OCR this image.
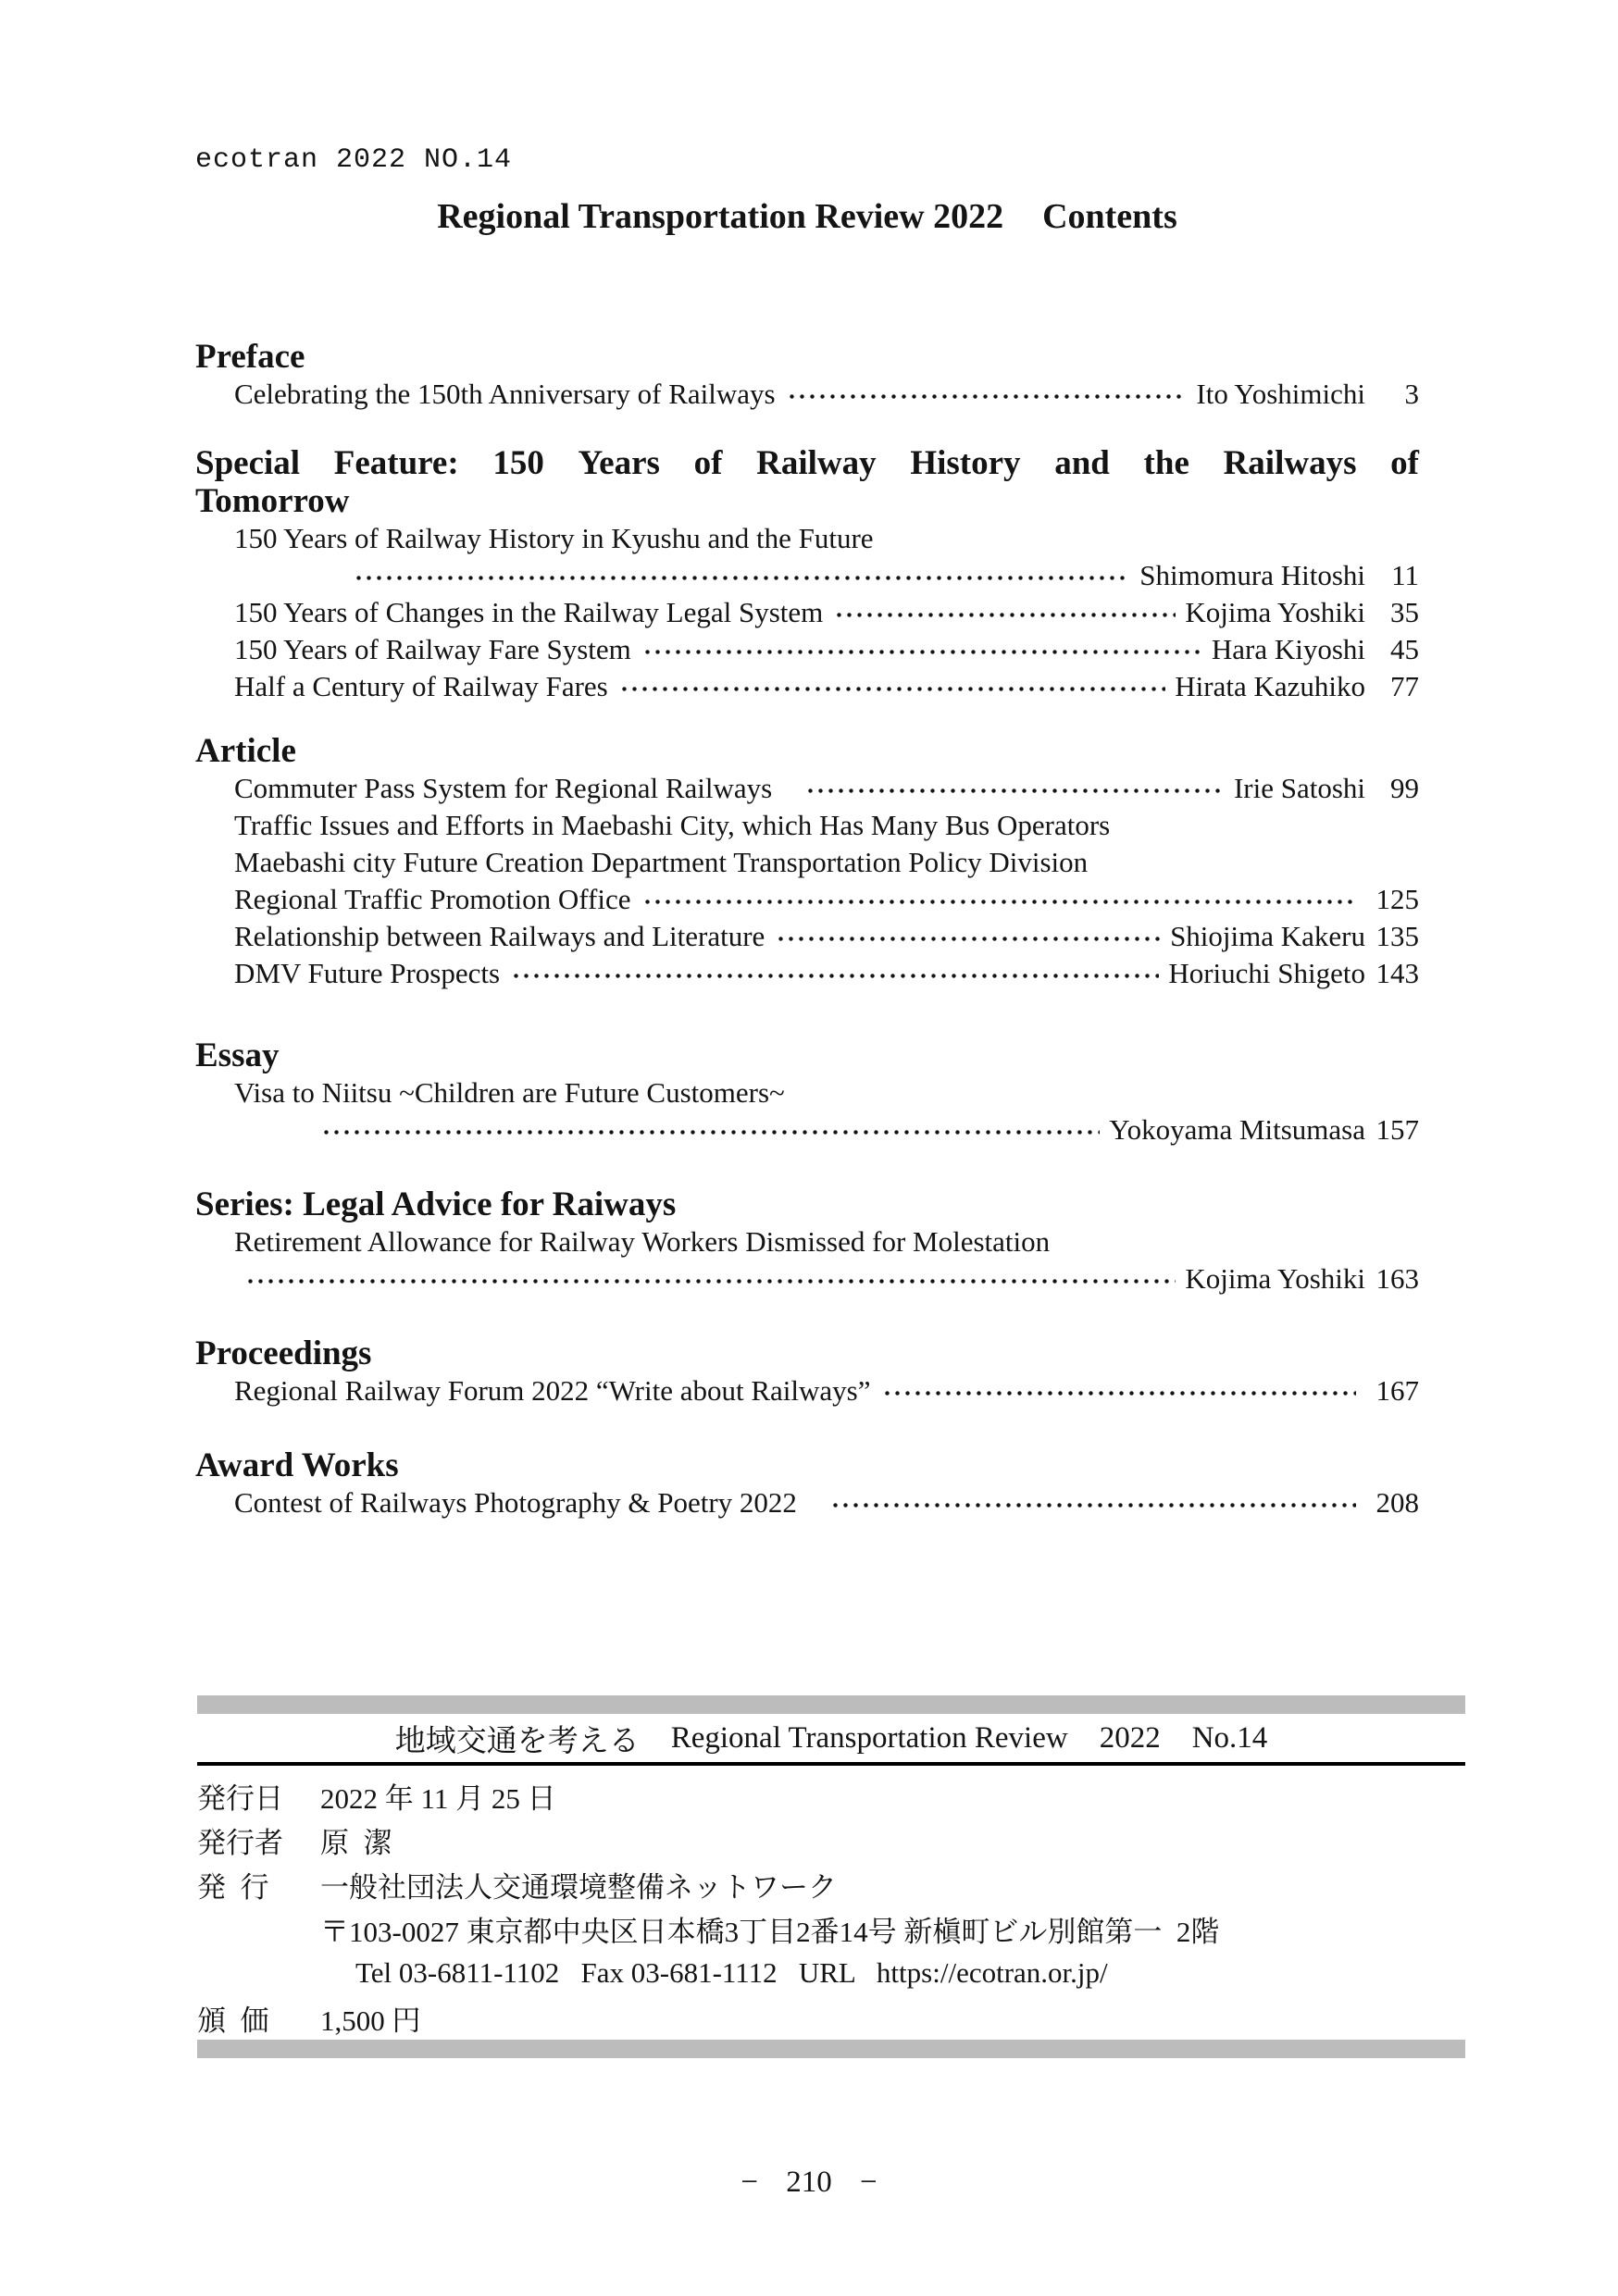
ecotran 2022 NO.14
Regional Transportation Review 2022 Contents
Preface
Celebrating the 150th Anniversary of Railways	Ito Yoshimichi	3
Special Feature: 150 Years of Railway History and the Railways of
Tomorrow
150 Years of Railway History in Kyushu and the Future
Shimomura Hitoshi 11
150 Years of Changes in the Railway Legal System	Kojima Yoshiki 35
150 Years of Railway Fare System	Hara Kiyoshi 45
Half a Century of Railway Fares	Hirata Kazuhiko 77
Article
Commuter Pass System for Regional Railways	Irie Satoshi 99
Traffic Issues and Efforts in Maebashi City, which Has Many Bus Operators
Maebashi city Future Creation Department Transportation Policy Division
Regional Traffic Promotion Office	125
Relationship between Railways and Literature	Shiojima Kakeru 135
DMV Future Prospects	Horiuchi Shigeto 143
Essay
Visa to Niitsu ~Children are Future Customers~
Yokoyama Mitsumasa 157
Series: Legal Advice for Raiways
Retirement Allowance for Railway Workers Dismissed for Molestation
Kojima Yoshiki 163
Proceedings
Regional Railway Forum 2022 “Write about Railways”	167
Award Works
Contest of Railways Photography & Poetry 2022	208
地域交通を考える Regional Transportation Review 2022 No.14
発行日	2022 年 11 月 25 日
発行者	原  潔
発  行	一般社団法人交通環境整備ネットワーク
〒103-0027 東京都中央区日本橋3丁目2番14号 新槇町ビル別館第一  2階
Tel 03-6811-1102   Fax 03-681-1112   URL   https://ecotran.or.jp/
頒  価	1,500 円
− 210 −
